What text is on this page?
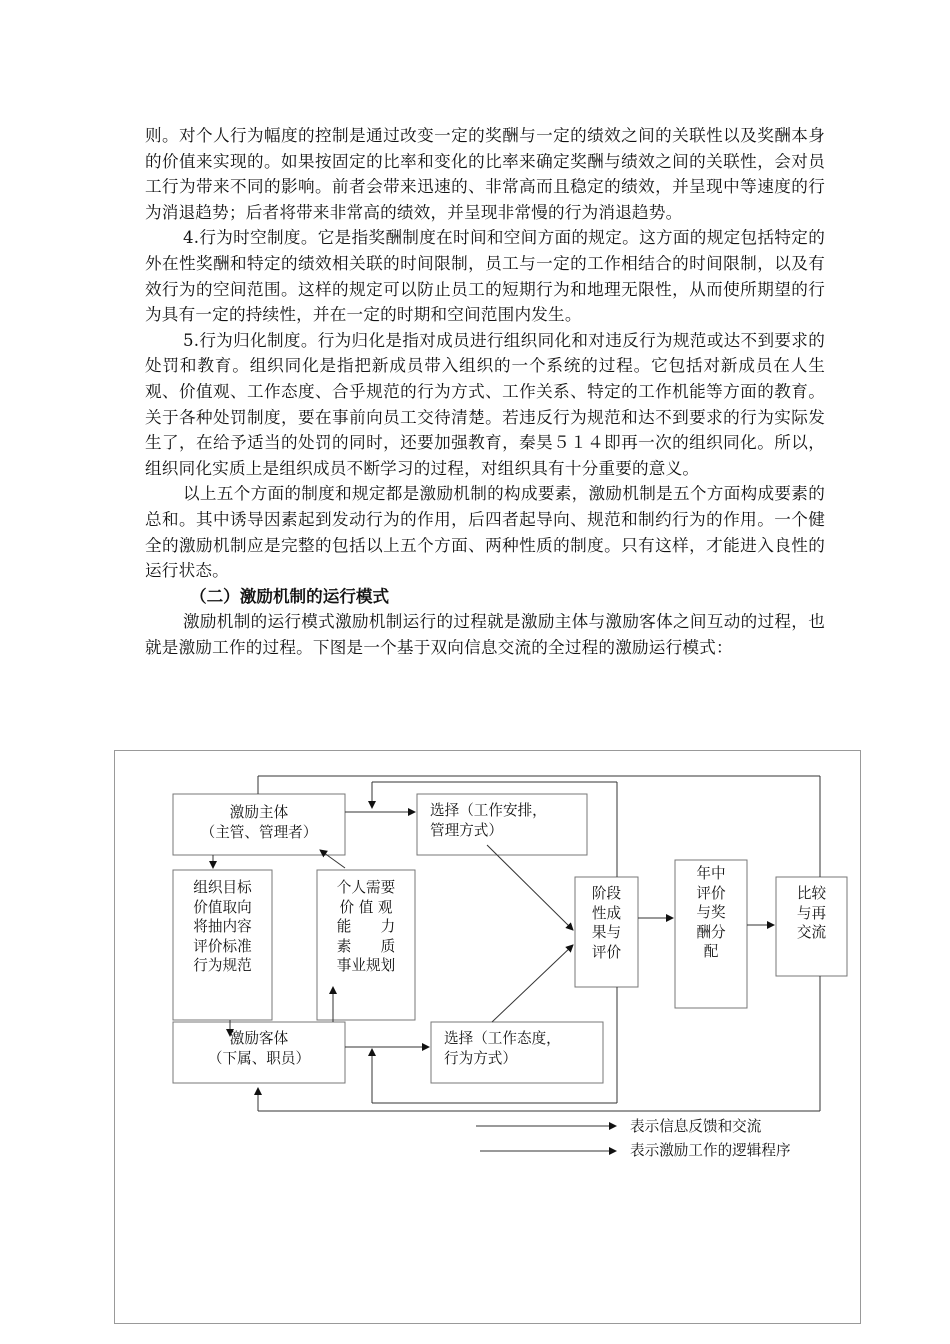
则。对个人行为幅度的控制是通过改变一定的奖酬与一定的绩效之间的关联性以及奖酬本身的价值来实现的。如果按固定的比率和变化的比率来确定奖酬与绩效之间的关联性，会对员工行为带来不同的影响。前者会带来迅速的、非常高而且稳定的绩效，并呈现中等速度的行为消退趋势；后者将带来非常高的绩效，并呈现非常慢的行为消退趋势。

4.行为时空制度。它是指奖酬制度在时间和空间方面的规定。这方面的规定包括特定的外在性奖酬和特定的绩效相关联的时间限制，员工与一定的工作相结合的时间限制，以及有效行为的空间范围。这样的规定可以防止员工的短期行为和地理无限性，从而使所期望的行为具有一定的持续性，并在一定的时期和空间范围内发生。

5.行为归化制度。行为归化是指对成员进行组织同化和对违反行为规范或达不到要求的处罚和教育。组织同化是指把新成员带入组织的一个系统的过程。它包括对新成员在人生观、价值观、工作态度、合乎规范的行为方式、工作关系、特定的工作机能等方面的教育。关于各种处罚制度，要在事前向员工交待清楚。若违反行为规范和达不到要求的行为实际发生了，在给予适当的处罚的同时，还要加强教育，秦昊５１４即再一次的组织同化。所以，组织同化实质上是组织成员不断学习的过程，对组织具有十分重要的意义。

以上五个方面的制度和规定都是激励机制的构成要素，激励机制是五个方面构成要素的总和。其中诱导因素起到发动行为的作用，后四者起导向、规范和制约行为的作用。一个健全的激励机制应是完整的包括以上五个方面、两种性质的制度。只有这样，才能进入良性的运行状态。

（二）激励机制的运行模式

激励机制的运行模式激励机制运行的过程就是激励主体与激励客体之间互动的过程，也就是激励工作的过程。下图是一个基于双向信息交流的全过程的激励运行模式：

激励主体
（主管、管理者）
选择（工作安排，
管理方式）
组织目标
价值取向
将抽内容
评价标准
行为规范
个人需要
价 值 观
能　　力
素　　质
事业规划
阶段
性成
果与
评价
年中
评价
与奖
酬分
配
比较
与再
交流
激励客体
（下属、职员）
选择（工作态度，
行为方式）
表示信息反馈和交流
表示激励工作的逻辑程序
